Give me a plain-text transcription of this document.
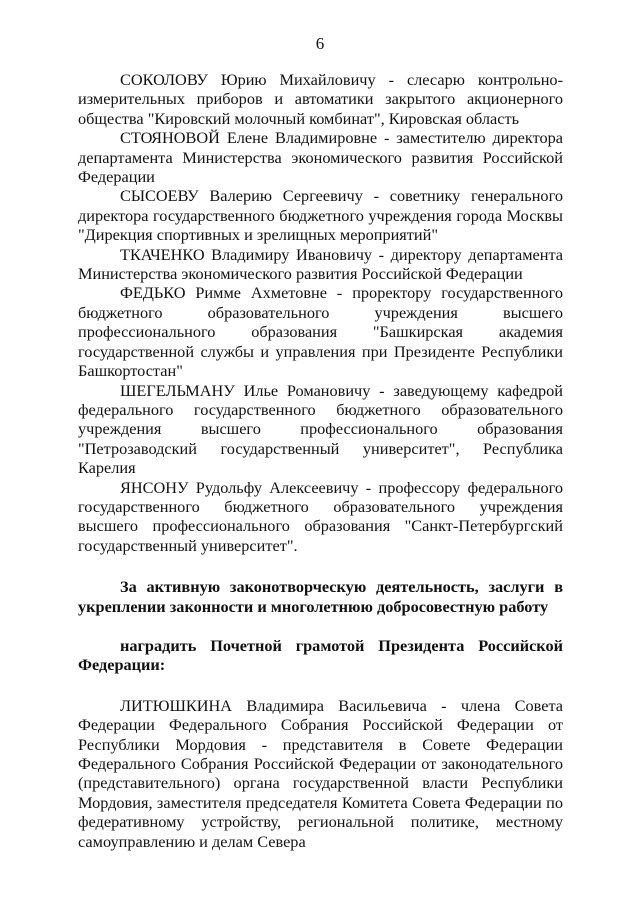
6

СОКОЛОВУ Юрию Михайловичу - слесарю контрольно-измерительных приборов и автоматики закрытого акционерного общества "Кировский молочный комбинат", Кировская область

СТОЯНОВОЙ Елене Владимировне - заместителю директора департамента Министерства экономического развития Российской Федерации

СЫСОЕВУ Валерию Сергеевичу - советнику генерального директора государственного бюджетного учреждения города Москвы "Дирекция спортивных и зрелищных мероприятий"

ТКАЧЕНКО Владимиру Ивановичу - директору департамента Министерства экономического развития Российской Федерации

ФЕДЬКО Римме Ахметовне - проректору государственного бюджетного образовательного учреждения высшего профессионального образования "Башкирская академия государственной службы и управления при Президенте Республики Башкортостан"

ШЕГЕЛЬМАНУ Илье Романовичу - заведующему кафедрой федерального государственного бюджетного образовательного учреждения высшего профессионального образования "Петрозаводский государственный университет", Республика Карелия

ЯНСОНУ Рудольфу Алексеевичу - профессору федерального государственного бюджетного образовательного учреждения высшего профессионального образования "Санкт-Петербургский государственный университет".

За активную законотворческую деятельность, заслуги в укреплении законности и многолетнюю добросовестную работу

наградить Почетной грамотой Президента Российской Федерации:

ЛИТЮШКИНА Владимира Васильевича - члена Совета Федерации Федерального Собрания Российской Федерации от Республики Мордовия - представителя в Совете Федерации Федерального Собрания Российской Федерации от законодательного (представительного) органа государственной власти Республики Мордовия, заместителя председателя Комитета Совета Федерации по федеративному устройству, региональной политике, местному самоуправлению и делам Севера
